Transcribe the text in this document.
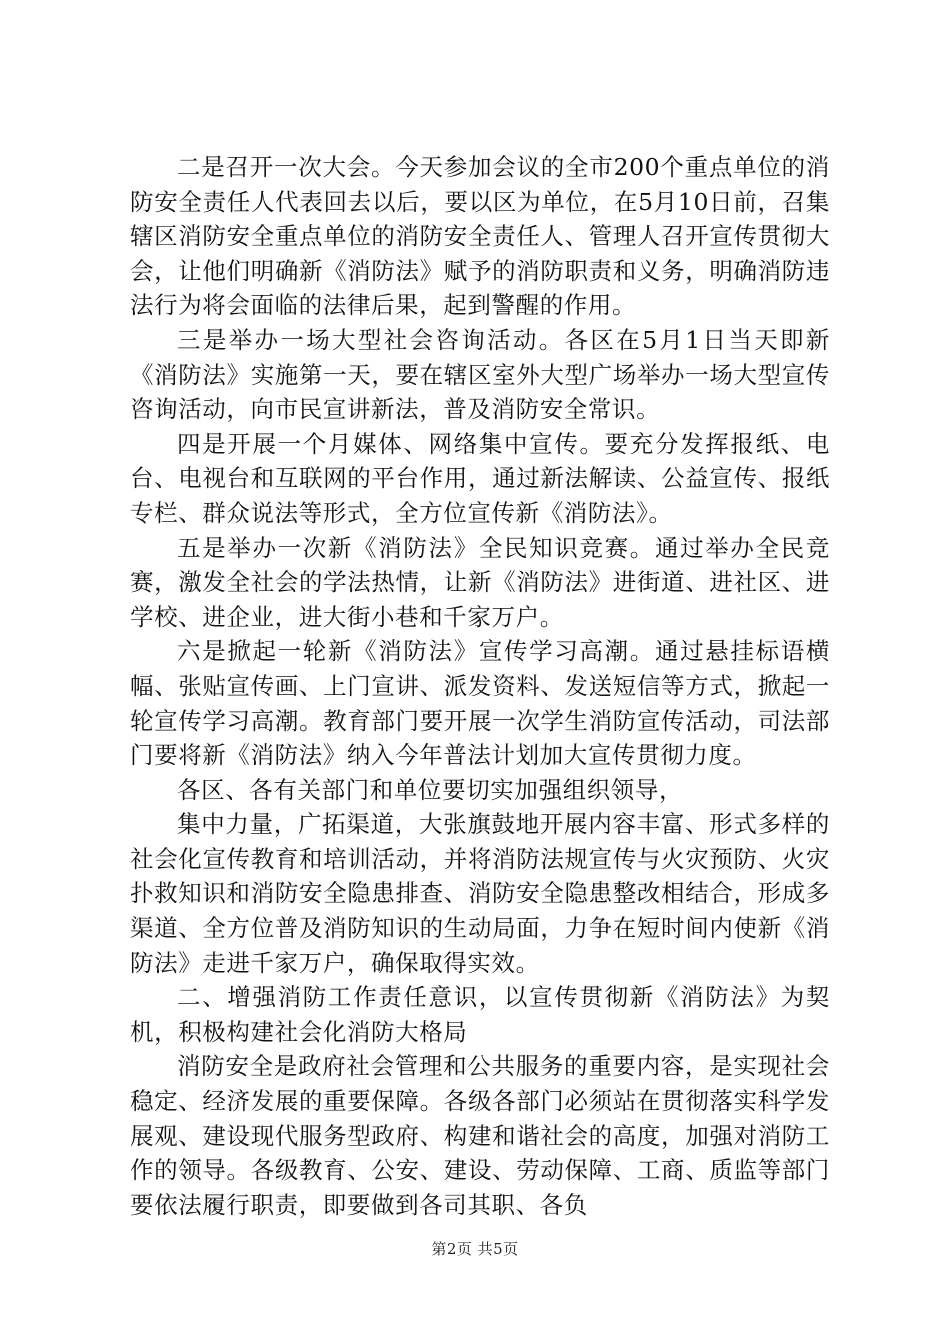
二是召开一次大会。今天参加会议的全市200个重点单位的消防安全责任人代表回去以后，要以区为单位，在5月10日前，召集辖区消防安全重点单位的消防安全责任人、管理人召开宣传贯彻大会，让他们明确新《消防法》赋予的消防职责和义务，明确消防违法行为将会面临的法律后果，起到警醒的作用。

三是举办一场大型社会咨询活动。各区在5月1日当天即新《消防法》实施第一天，要在辖区室外大型广场举办一场大型宣传咨询活动，向市民宣讲新法，普及消防安全常识。

四是开展一个月媒体、网络集中宣传。要充分发挥报纸、电台、电视台和互联网的平台作用，通过新法解读、公益宣传、报纸专栏、群众说法等形式，全方位宣传新《消防法》。

五是举办一次新《消防法》全民知识竞赛。通过举办全民竞赛，激发全社会的学法热情，让新《消防法》进街道、进社区、进学校、进企业，进大街小巷和千家万户。

六是掀起一轮新《消防法》宣传学习高潮。通过悬挂标语横幅、张贴宣传画、上门宣讲、派发资料、发送短信等方式，掀起一轮宣传学习高潮。教育部门要开展一次学生消防宣传活动，司法部门要将新《消防法》纳入今年普法计划加大宣传贯彻力度。

各区、各有关部门和单位要切实加强组织领导，

集中力量，广拓渠道，大张旗鼓地开展内容丰富、形式多样的社会化宣传教育和培训活动，并将消防法规宣传与火灾预防、火灾扑救知识和消防安全隐患排查、消防安全隐患整改相结合，形成多渠道、全方位普及消防知识的生动局面，力争在短时间内使新《消防法》走进千家万户，确保取得实效。

二、增强消防工作责任意识，以宣传贯彻新《消防法》为契机，积极构建社会化消防大格局

消防安全是政府社会管理和公共服务的重要内容，是实现社会稳定、经济发展的重要保障。各级各部门必须站在贯彻落实科学发展观、建设现代服务型政府、构建和谐社会的高度，加强对消防工作的领导。各级教育、公安、建设、劳动保障、工商、质监等部门要依法履行职责，即要做到各司其职、各负

第2页 共5页
